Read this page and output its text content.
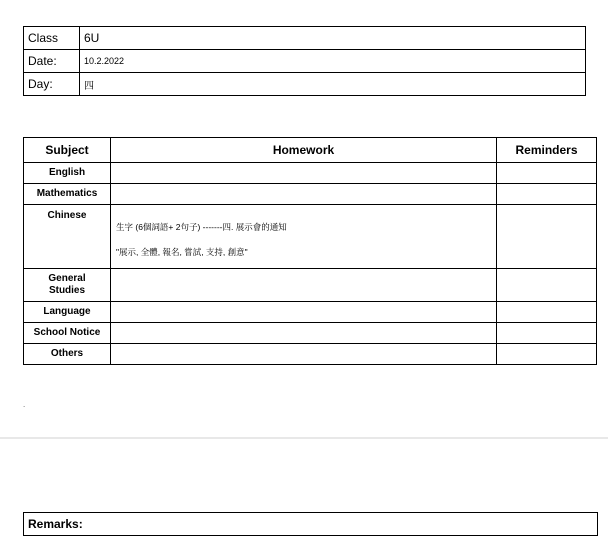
Class	6U
Date:	10.2.2022
Day:	四
Subject	Homework	Reminders
English		
Mathematics		
Chinese	生字 (6個詞語+ 2句子) -------四. 展示會的通知
"展示, 全體, 報名, 嘗試, 支持, 創意"	

General Studies		
Language		
School Notice		
Others		
.
Remarks:
